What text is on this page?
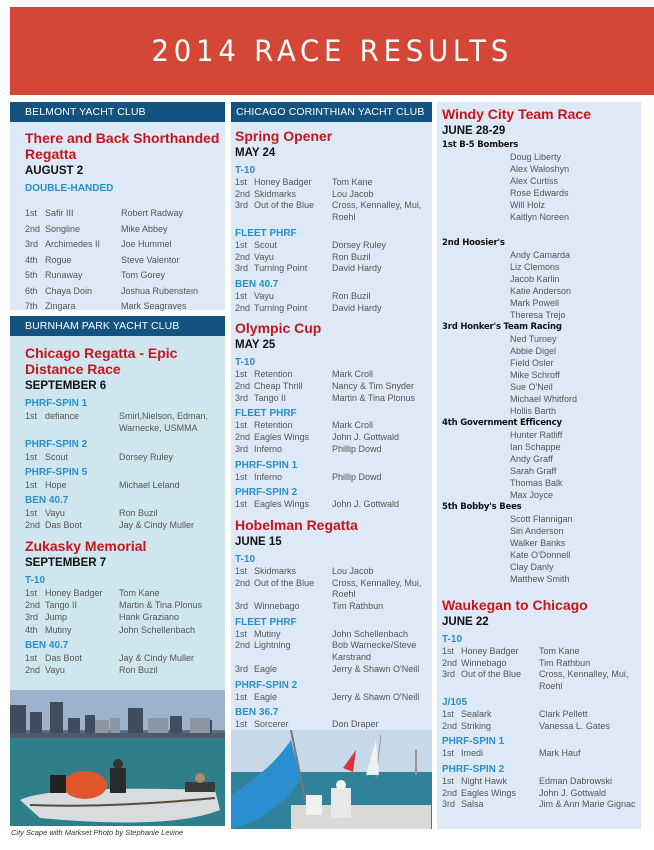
2014 RACE RESULTS
BELMONT YACHT CLUB
There and Back Shorthanded Regatta
AUGUST 2
DOUBLE-HANDED
1st Safir III	Robert Radway
2nd Songline	Mike Abbey
3rd Archimedes II	Joe Hummel
4th Rogue	Steve Valentor
5th Runaway	Tom Gorey
6th Chaya Doin	Joshua Rubenstein
7th Zingara	Mark Seagraves
BURNHAM PARK YACHT CLUB
Chicago Regatta - Epic Distance Race
SEPTEMBER 6
PHRF-SPIN 1
1st defiance	Smirl,Nielson, Edman, Warnecke, USMMA
PHRF-SPIN 2
1st Scout	Dorsey Ruley
PHRF-SPIN 5
1st Hope	Michael Leland
BEN 40.7
1st Vayu	Ron Buzil
2nd Das Boot	Jay & Cindy Muller
Zukasky Memorial
SEPTEMBER 7
T-10
1st Honey Badger	Tom Kane
2nd Tango II	Martin & Tina Plonus
3rd Jump	Hank Graziano
4th Mutiny	John Schellenbach
BEN 40.7
1st Das Boot	Jay & Cindy Muller
2nd Vayu	Ron Buzil
City Scape with Markset Photo by Stephanie Levine
CHICAGO CORINTHIAN YACHT CLUB
Spring Opener
MAY 24
T-10
1st Honey Badger	Tom Kane
2nd Skidmarks	Lou Jacob
3rd Out of the Blue	Cross, Kennalley, Mui, Roehl
FLEET PHRF
1st Scout	Dorsey Ruley
2nd Vayu	Ron Buzil
3rd Turning Point	David Hardy
BEN 40.7
1st Vayu	Ron Buzil
2nd Turning Point	David Hardy
Olympic Cup
MAY 25
T-10
1st Retention	Mark Croll
2nd Cheap Thrill	Nancy & Tim Snyder
3rd Tango II	Martin & Tina Plonus
FLEET PHRF
1st Retention	Mark Croll
2nd Eagles Wings	John J. Gottwald
3rd Inferno	Phillip Dowd
PHRF-SPIN 1
1st Inferno	Phillip Dowd
PHRF-SPIN 2
1st Eagles Wings	John J. Gottwald
Hobelman Regatta
JUNE 15
T-10
1st Skidmarks	Lou Jacob
2nd Out of the Blue	Cross, Kennalley, Mui, Roehl
3rd Winnebago	Tim Rathbun
FLEET PHRF
1st Mutiny	John Schellenbach
2nd Lightning	Bob Warnecke/Steve Karstrand
3rd Eagle	Jerry & Shawn O'Neill
PHRF-SPIN 2
1st Eagle	Jerry & Shawn O'Neill
BEN 36.7
1st Sorcerer	Don Draper
Windy City Team Race
JUNE 28-29
1st B-5 Bombers
Doug Liberty
Alex Waloshyn
Alex Curtiss
Rose Edwards
Will Holz
Kaitlyn Noreen
2nd Hoosier's
Andy Camarda
Liz Clemons
Jacob Karlin
Katie Anderson
Mark Powell
Theresa Trejo
3rd Honker's Team Racing
Ned Turney
Abbie Digel
Field Osler
Mike Schroff
Sue O'Neil
Michael Whitford
Hollis Barth
4th Government Efficency
Hunter Ratliff
Ian Schappe
Andy Graff
Sarah Graff
Thomas Balk
Max Joyce
5th Bobby's Bees
Scott Flannigan
Siri Anderson
Walker Banks
Kate O'Donnell
Clay Danly
Matthew Smith
Waukegan to Chicago
JUNE 22
T-10
1st Honey Badger	Tom Kane
2nd Winnebago	Tim Rathbun
3rd Out of the Blue	Cross, Kennalley, Mui, Roehl
J/105
1st Sealark	Clark Pellett
2nd Striking	Vanessa L. Gates
PHRF-SPIN 1
1st Imedi	Mark Hauf
PHRF-SPIN 2
1st Night Hawk	Edman Dabrowski
2nd Eagles Wings	John J. Gottwald
3rd Salsa	Jim & Ann Marie Gignac
